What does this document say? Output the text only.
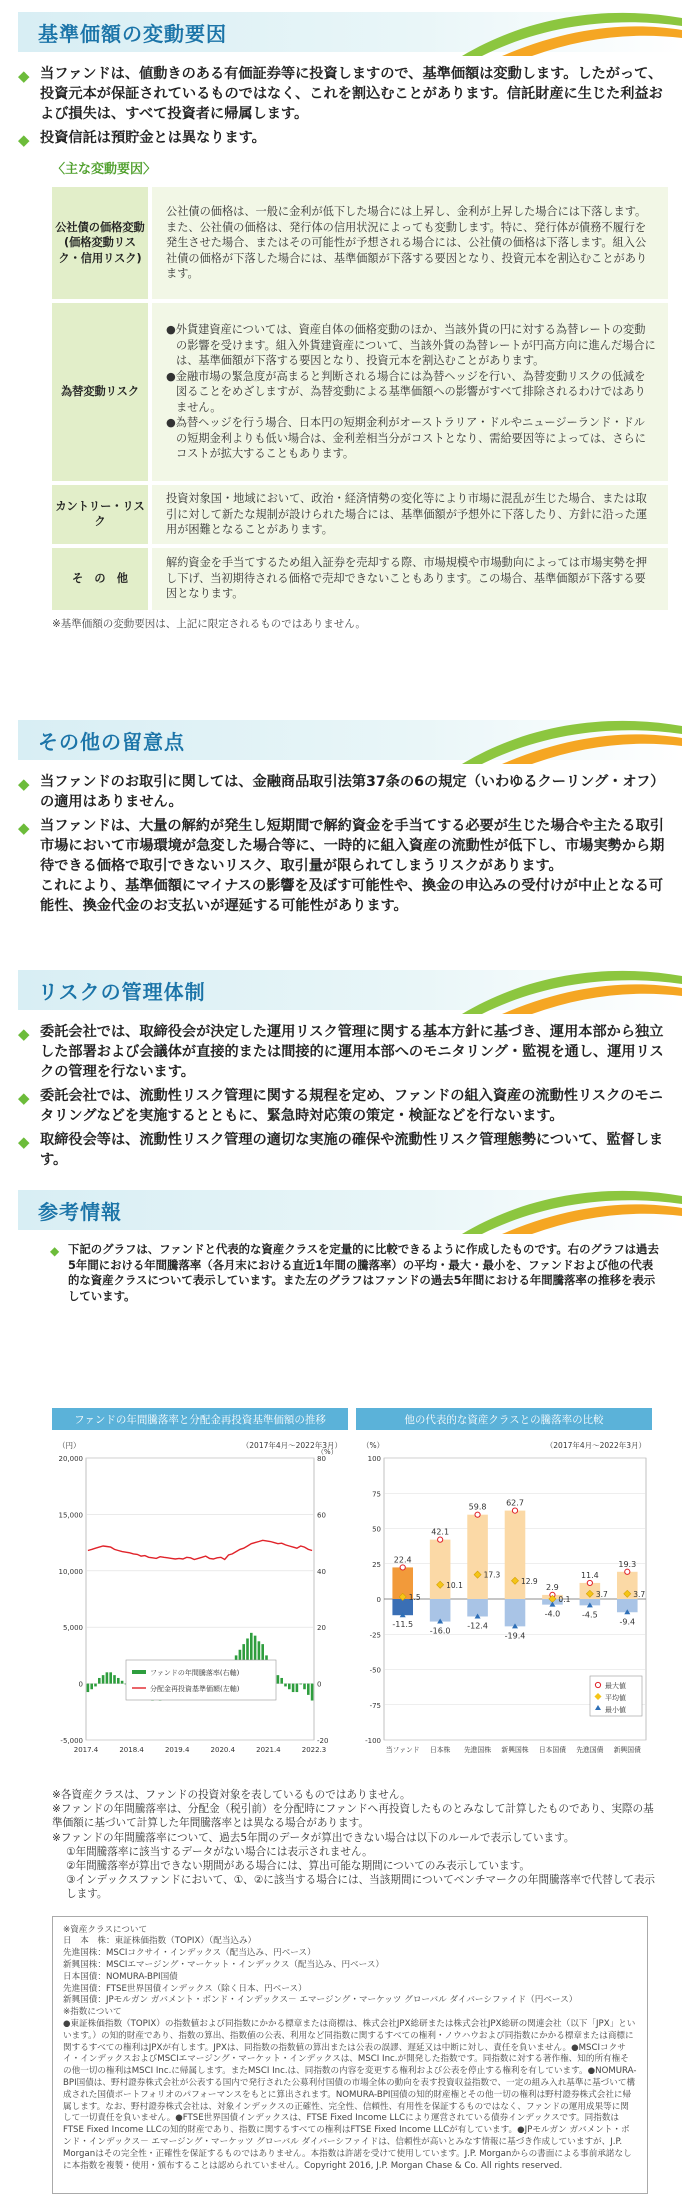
基準価額の変動要因
◆ 当ファンドは、値動きのある有価証券等に投資しますので、基準価額は変動します。したがって、投資元本が保証されているものではなく、これを割込むことがあります。信託財産に生じた利益および損失は、すべて投資者に帰属します。
◆ 投資信託は預貯金とは異なります。
〈主な変動要因〉
公社債の価格変動
(価格変動リスク・信用リスク)	公社債の価格は、一般に金利が低下した場合には上昇し、金利が上昇した場合には下落します。また、公社債の価格は、発行体の信用状況によっても変動します。特に、発行体が債務不履行を発生させた場合、またはその可能性が予想される場合には、公社債の価格は下落します。組入公社債の価格が下落した場合には、基準価額が下落する要因となり、投資元本を割込むことがあります。
為替変動リスク	●外貨建資産については、資産自体の価格変動のほか、当該外貨の円に対する為替レートの変動の影響を受けます。組入外貨建資産について、当該外貨の為替レートが円高方向に進んだ場合には、基準価額が下落する要因となり、投資元本を割込むことがあります。

●金融市場の緊急度が高まると判断される場合には為替ヘッジを行い、為替変動リスクの低減を図ることをめざしますが、為替変動による基準価額への影響がすべて排除されるわけではありません。

●為替ヘッジを行う場合、日本円の短期金利がオーストラリア・ドルやニュージーランド・ドルの短期金利よりも低い場合は、金利差相当分がコストとなり、需給要因等によっては、さらにコストが拡大することもあります。

カントリー・リスク	投資対象国・地域において、政治・経済情勢の変化等により市場に混乱が生じた場合、または取引に対して新たな規制が設けられた場合には、基準価額が予想外に下落したり、方針に沿った運用が困難となることがあります。
そ　の　他	解約資金を手当てするため組入証券を売却する際、市場規模や市場動向によっては市場実勢を押し下げ、当初期待される価格で売却できないこともあります。この場合、基準価額が下落する要因となります。
※基準価額の変動要因は、上記に限定されるものではありません。
その他の留意点
◆ 当ファンドのお取引に関しては、金融商品取引法第37条の6の規定（いわゆるクーリング・オフ）の適用はありません。
◆ 当ファンドは、大量の解約が発生し短期間で解約資金を手当てする必要が生じた場合や主たる取引市場において市場環境が急変した場合等に、一時的に組入資産の流動性が低下し、市場実勢から期待できる価格で取引できないリスク、取引量が限られてしまうリスクがあります。
これにより、基準価額にマイナスの影響を及ぼす可能性や、換金の申込みの受付けが中止となる可能性、換金代金のお支払いが遅延する可能性があります。
リスクの管理体制
◆ 委託会社では、取締役会が決定した運用リスク管理に関する基本方針に基づき、運用本部から独立した部署および会議体が直接的または間接的に運用本部へのモニタリング・監視を通し、運用リスクの管理を行ないます。
◆ 委託会社では、流動性リスク管理に関する規程を定め、ファンドの組入資産の流動性リスクのモニタリングなどを実施するとともに、緊急時対応策の策定・検証などを行ないます。
◆ 取締役会等は、流動性リスク管理の適切な実施の確保や流動性リスク管理態勢について、監督します。
参考情報
◆ 下記のグラフは、ファンドと代表的な資産クラスを定量的に比較できるように作成したものです。右のグラフは過去5年間における年間騰落率（各月末における直近1年間の騰落率）の平均・最大・最小を、ファンドおよび他の代表的な資産クラスについて表示しています。また左のグラフはファンドの過去5年間における年間騰落率の推移を表示しています。
ファンドの年間騰落率と分配金再投資基準価額の推移
（2017年4月～2022年3月）
（円）
20,000
15,000
10,000
5,000
0
-5,000
80
60
40
20
0
-20
（%）
2017.4	2018.4	2019.4	2020.4	2021.4	2022.3
ファンドの年間騰落率(右軸)
分配金再投資基準価額(左軸)
他の代表的な資産クラスとの騰落率の比較
（2017年4月～2022年3月）
（%）
100
75
50
25
0
-25
-50
-75
-100
22.4
1.5
-11.5
当ファンド
42.1
10.1
-16.0
日本株
59.8
17.3
-12.4
先進国株
62.7
12.9
-19.4
新興国株
2.9
0.1
-4.0
日本国債
11.4
3.7
-4.5
先進国債
19.3
3.7
-9.4
新興国債
最大値
平均値
最小値
※各資産クラスは、ファンドの投資対象を表しているものではありません。
※ファンドの年間騰落率は、分配金（税引前）を分配時にファンドへ再投資したものとみなして計算したものであり、実際の基準価額に基づいて計算した年間騰落率とは異なる場合があります。
※ファンドの年間騰落率について、過去5年間のデータが算出できない場合は以下のルールで表示しています。
①年間騰落率に該当するデータがない場合には表示されません。
②年間騰落率が算出できない期間がある場合には、算出可能な期間についてのみ表示しています。
③インデックスファンドにおいて、①、②に該当する場合には、当該期間についてベンチマークの年間騰落率で代替して表示します。
※資産クラスについて
日　本　株：東証株価指数（TOPIX）（配当込み）
先進国株：MSCIコクサイ・インデックス（配当込み、円ベース）
新興国株：MSCIエマージング・マーケット・インデックス（配当込み、円ベース）
日本国債：NOMURA-BPI国債
先進国債：FTSE世界国債インデックス（除く日本、円ベース）
新興国債：JPモルガン ガバメント・ボンド・インデックス－ エマージング・マーケッツ グローバル ダイバーシファイド（円ベース）
※指数について
●東証株価指数（TOPIX）の指数値および同指数にかかる標章または商標は、株式会社JPX総研または株式会社JPX総研の関連会社（以下「JPX」といいます。）の知的財産であり、指数の算出、指数値の公表、利用など同指数に関するすべての権利・ノウハウおよび同指数にかかる標章または商標に関するすべての権利はJPXが有します。JPXは、同指数の指数値の算出または公表の誤謬、遅延又は中断に対し、責任を負いません。●MSCIコクサイ・インデックスおよびMSCIエマージング・マーケット・インデックスは、MSCI Inc.が開発した指数です。同指数に対する著作権、知的所有権その他一切の権利はMSCI Inc.に帰属します。またMSCI Inc.は、同指数の内容を変更する権利および公表を停止する権利を有しています。●NOMURA-BPI国債は、野村證券株式会社が公表する国内で発行された公募利付国債の市場全体の動向を表す投資収益指数で、一定の組み入れ基準に基づいて構成された国債ポートフォリオのパフォーマンスをもとに算出されます。NOMURA-BPI国債の知的財産権とその他一切の権利は野村證券株式会社に帰属します。なお、野村證券株式会社は、対象インデックスの正確性、完全性、信頼性、有用性を保証するものではなく、ファンドの運用成果等に関して一切責任を負いません。●FTSE世界国債インデックスは、FTSE Fixed Income LLCにより運営されている債券インデックスです。同指数はFTSE Fixed Income LLCの知的財産であり、指数に関するすべての権利はFTSE Fixed Income LLCが有しています。●JPモルガン ガバメント・ボンド・インデックス－ エマージング・マーケッツ グローバル ダイバーシファイドは、信頼性が高いとみなす情報に基づき作成していますが、J.P. Morganはその完全性・正確性を保証するものではありません。本指数は許諾を受けて使用しています。J.P. Morganからの書面による事前承諾なしに本指数を複製・使用・頒布することは認められていません。Copyright 2016, J.P. Morgan Chase & Co. All rights reserved.
